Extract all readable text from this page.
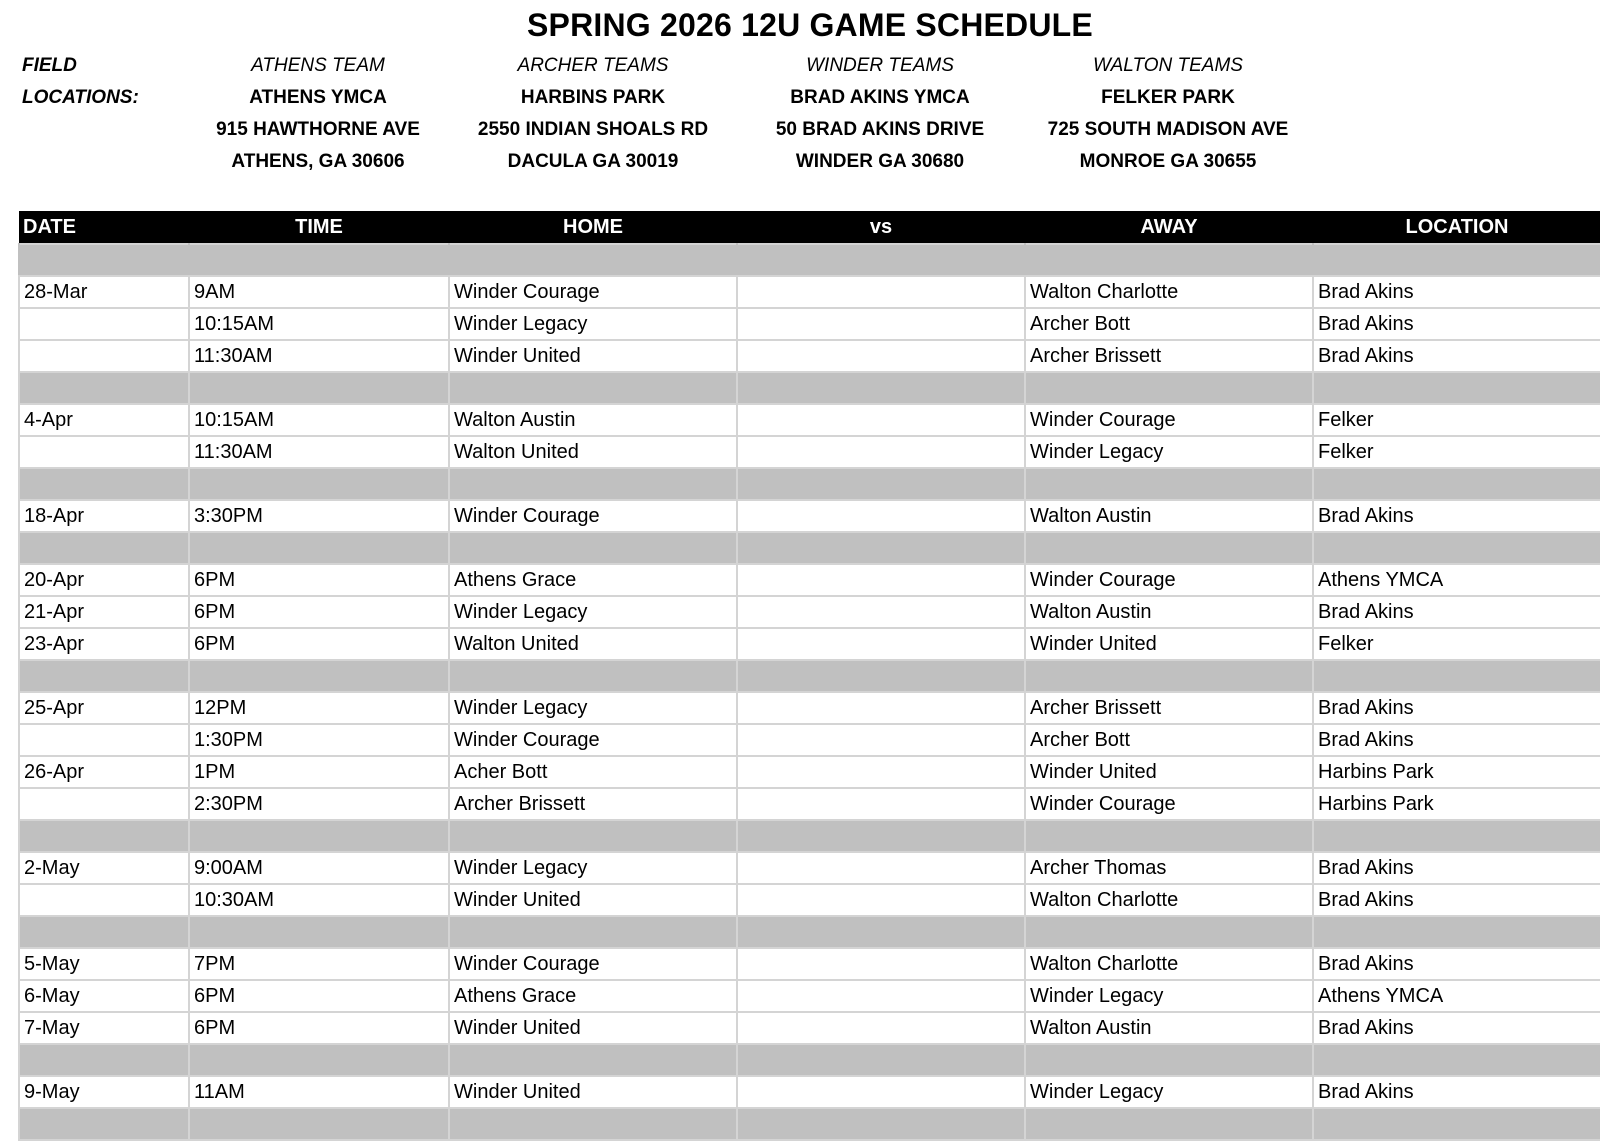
SPRING 2026 12U GAME SCHEDULE
FIELD
LOCATIONS:
ATHENS TEAM
ATHENS YMCA
915 HAWTHORNE AVE
ATHENS, GA 30606
ARCHER TEAMS
HARBINS PARK
2550 INDIAN SHOALS RD
DACULA GA 30019
WINDER TEAMS
BRAD AKINS YMCA
50 BRAD AKINS DRIVE
WINDER GA 30680
WALTON TEAMS
FELKER PARK
725 SOUTH MADISON AVE
MONROE GA 30655
DATE	TIME	HOME	vs	AWAY	LOCATION

28-Mar	9AM	Winder Courage		Walton Charlotte	Brad Akins
	10:15AM	Winder Legacy		Archer Bott	Brad Akins
	11:30AM	Winder United		Archer Brissett	Brad Akins

4-Apr	10:15AM	Walton Austin		Winder Courage	Felker
	11:30AM	Walton United		Winder Legacy	Felker

18-Apr	3:30PM	Winder Courage		Walton Austin	Brad Akins

20-Apr	6PM	Athens Grace		Winder Courage	Athens YMCA
21-Apr	6PM	Winder Legacy		Walton Austin	Brad Akins
23-Apr	6PM	Walton United		Winder United	Felker

25-Apr	12PM	Winder Legacy		Archer Brissett	Brad Akins
	1:30PM	Winder Courage		Archer Bott	Brad Akins
26-Apr	1PM	Acher Bott		Winder United	Harbins Park
	2:30PM	Archer Brissett		Winder Courage	Harbins Park

2-May	9:00AM	Winder Legacy		Archer Thomas	Brad Akins
	10:30AM	Winder United		Walton Charlotte	Brad Akins

5-May	7PM	Winder Courage		Walton Charlotte	Brad Akins
6-May	6PM	Athens Grace		Winder Legacy	Athens YMCA
7-May	6PM	Winder United		Walton Austin	Brad Akins

9-May	11AM	Winder United		Winder Legacy	Brad Akins
